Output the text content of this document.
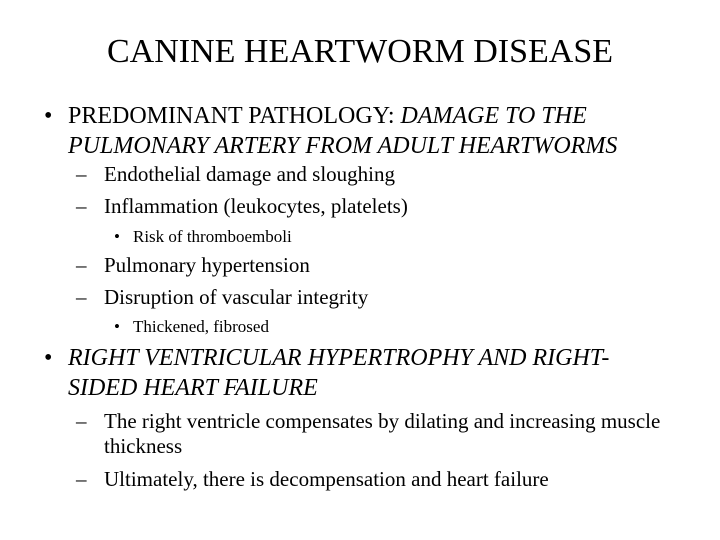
CANINE HEARTWORM DISEASE
• PREDOMINANT PATHOLOGY: DAMAGE TO THE PULMONARY ARTERY FROM ADULT HEARTWORMS
– Endothelial damage and sloughing
– Inflammation (leukocytes, platelets)
• Risk of thromboemboli
– Pulmonary hypertension
– Disruption of vascular integrity
• Thickened, fibrosed
• RIGHT VENTRICULAR HYPERTROPHY AND RIGHT-SIDED HEART FAILURE
– The right ventricle compensates by dilating and increasing muscle thickness
– Ultimately, there is decompensation and heart failure
